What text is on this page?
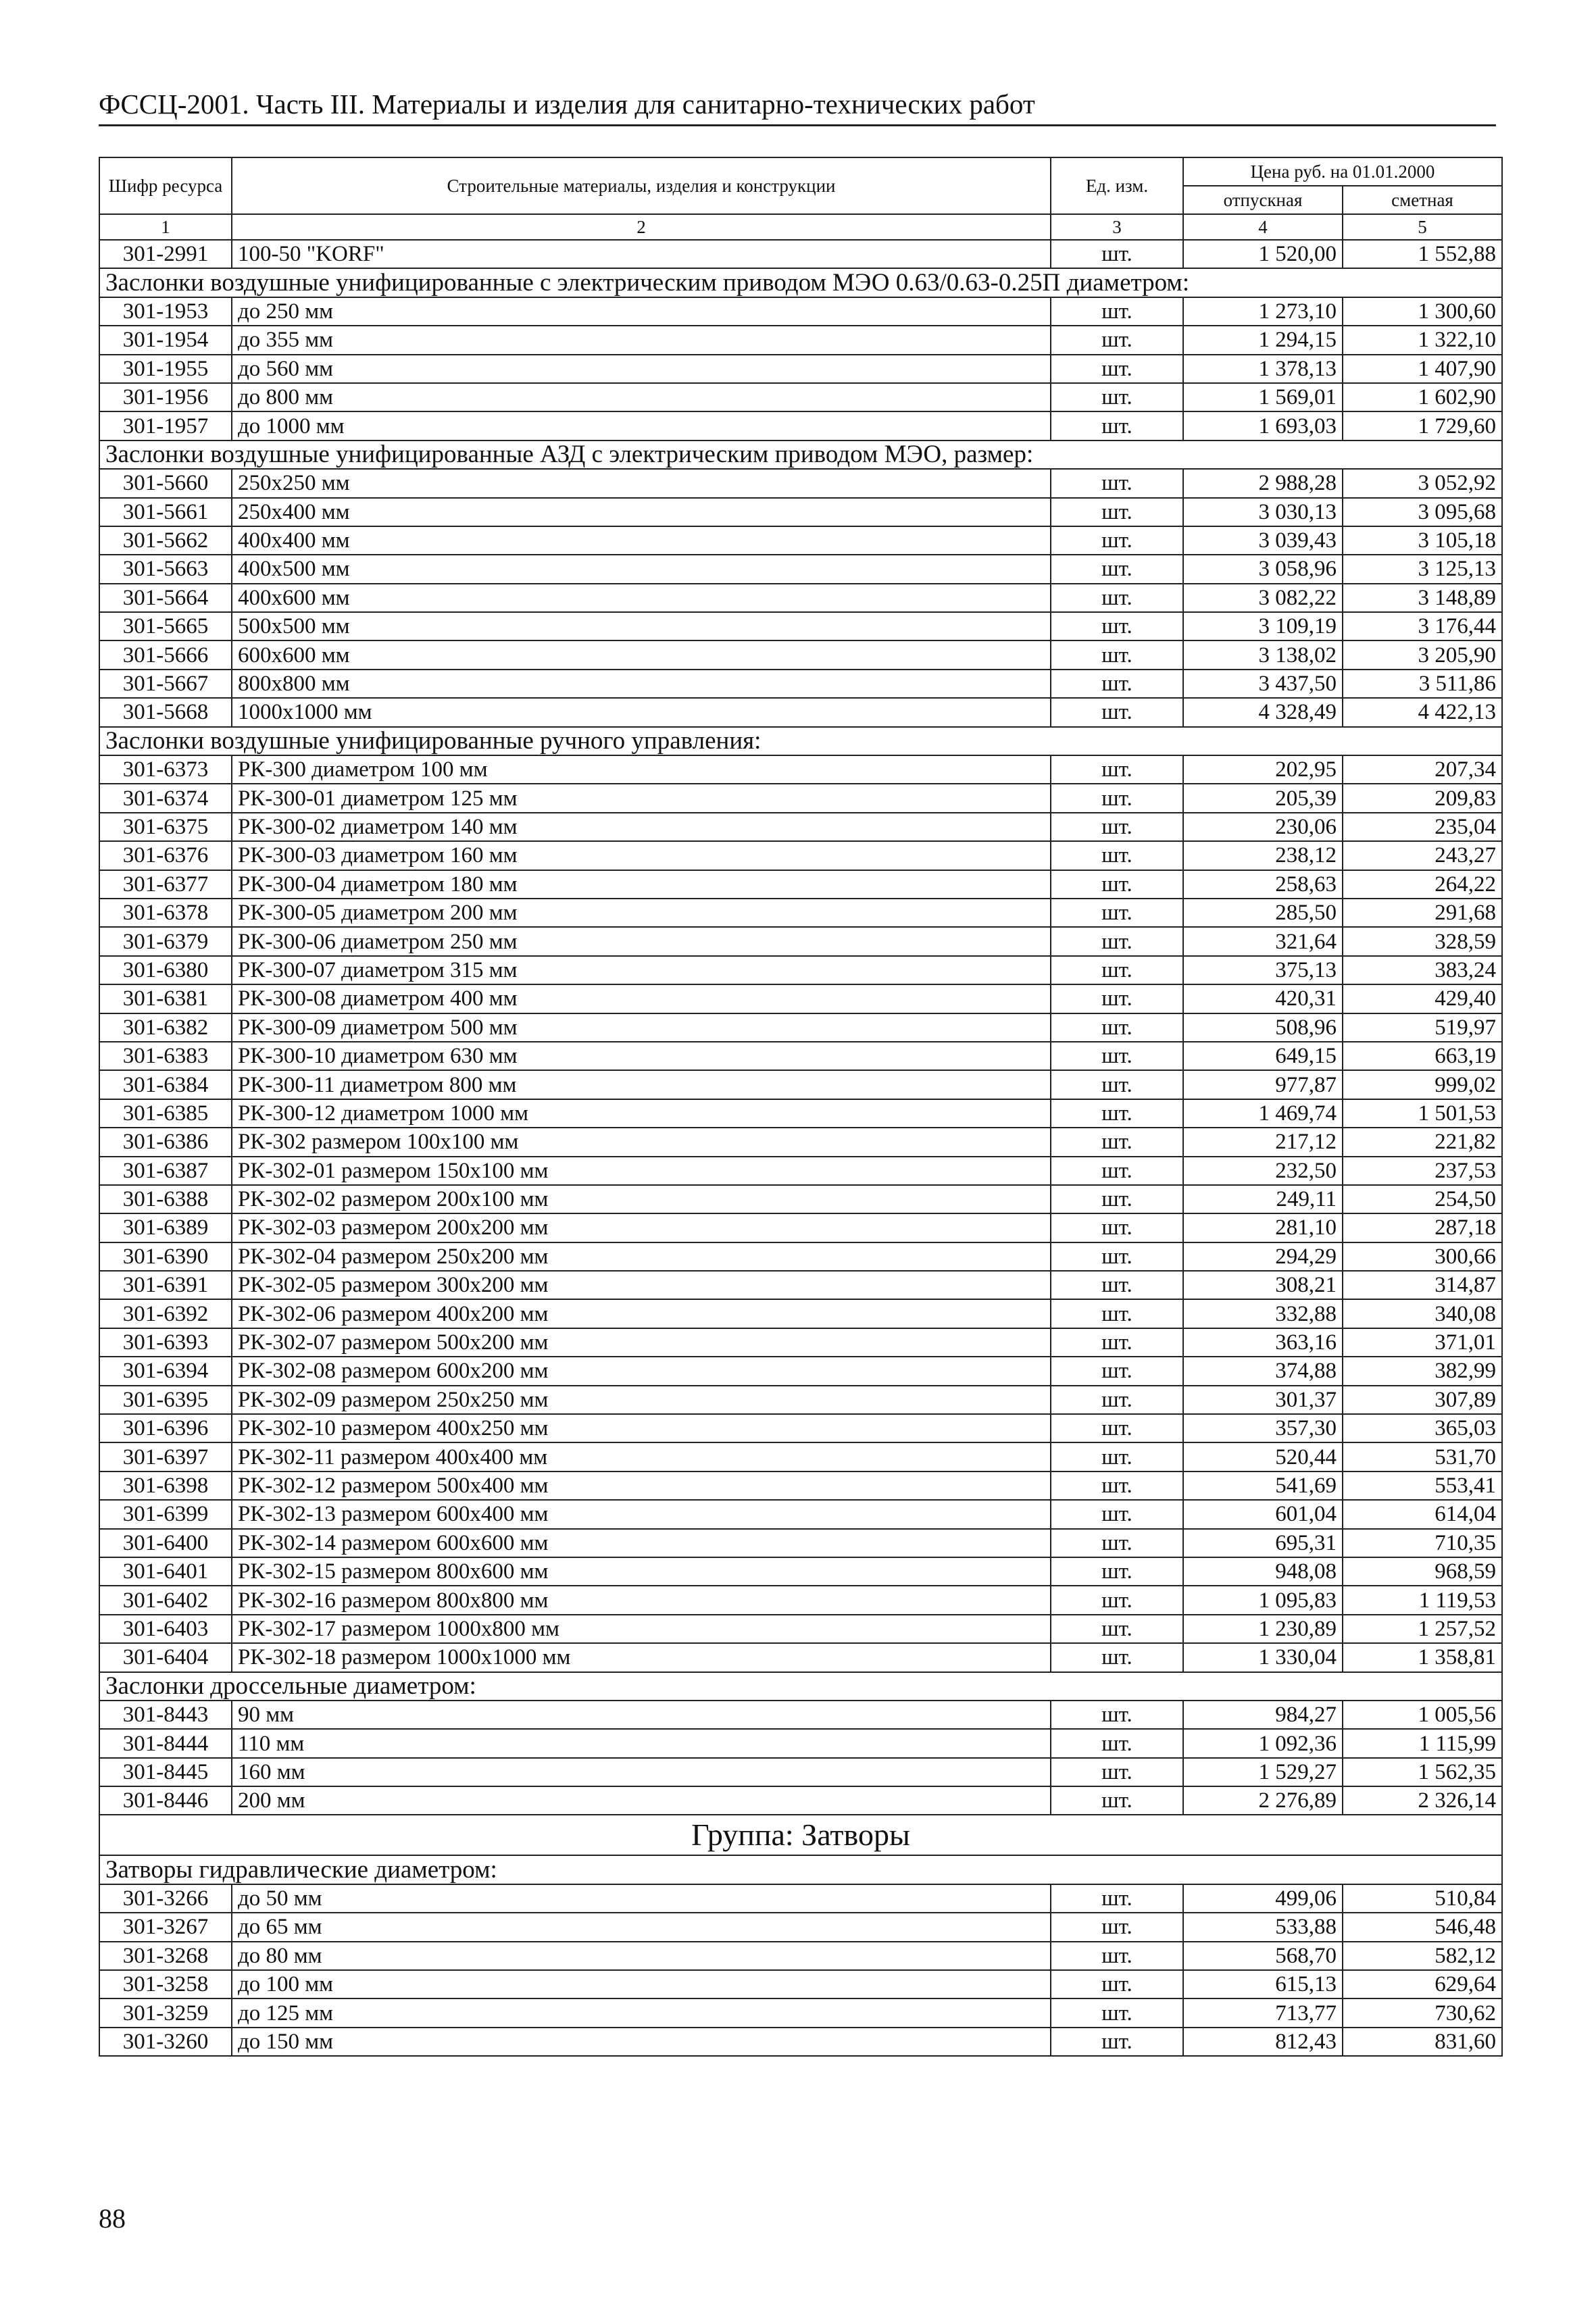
ФССЦ-2001. Часть III. Материалы и изделия для санитарно-технических работ
Шифр ресурса	Строительные материалы, изделия и конструкции	Ед. изм.	Цена руб. на 01.01.2000	
			отпускная	сметная
1	2	3	4	5
301-2991	100-50 "KORF"	шт.	1 520,00	1 552,88
Заслонки воздушные унифицированные с электрическим приводом МЭО 0.63/0.63-0.25П диаметром:				
301-1953	до 250 мм	шт.	1 273,10	1 300,60
301-1954	до 355 мм	шт.	1 294,15	1 322,10
301-1955	до 560 мм	шт.	1 378,13	1 407,90
301-1956	до 800 мм	шт.	1 569,01	1 602,90
301-1957	до 1000 мм	шт.	1 693,03	1 729,60
Заслонки воздушные унифицированные АЗД с электрическим приводом МЭО, размер:				
301-5660	250x250 мм	шт.	2 988,28	3 052,92
301-5661	250x400 мм	шт.	3 030,13	3 095,68
301-5662	400x400 мм	шт.	3 039,43	3 105,18
301-5663	400x500 мм	шт.	3 058,96	3 125,13
301-5664	400x600 мм	шт.	3 082,22	3 148,89
301-5665	500x500 мм	шт.	3 109,19	3 176,44
301-5666	600x600 мм	шт.	3 138,02	3 205,90
301-5667	800x800 мм	шт.	3 437,50	3 511,86
301-5668	1000x1000 мм	шт.	4 328,49	4 422,13
Заслонки воздушные унифицированные ручного управления:				
301-6373	РК-300 диаметром 100 мм	шт.	202,95	207,34
301-6374	РК-300-01 диаметром 125 мм	шт.	205,39	209,83
301-6375	РК-300-02 диаметром 140 мм	шт.	230,06	235,04
301-6376	РК-300-03 диаметром 160 мм	шт.	238,12	243,27
301-6377	РК-300-04 диаметром 180 мм	шт.	258,63	264,22
301-6378	РК-300-05 диаметром 200 мм	шт.	285,50	291,68
301-6379	РК-300-06 диаметром 250 мм	шт.	321,64	328,59
301-6380	РК-300-07 диаметром 315 мм	шт.	375,13	383,24
301-6381	РК-300-08 диаметром 400 мм	шт.	420,31	429,40
301-6382	РК-300-09 диаметром 500 мм	шт.	508,96	519,97
301-6383	РК-300-10 диаметром 630 мм	шт.	649,15	663,19
301-6384	РК-300-11 диаметром 800 мм	шт.	977,87	999,02
301-6385	РК-300-12 диаметром 1000 мм	шт.	1 469,74	1 501,53
301-6386	РК-302 размером 100x100 мм	шт.	217,12	221,82
301-6387	РК-302-01 размером 150x100 мм	шт.	232,50	237,53
301-6388	РК-302-02 размером 200x100 мм	шт.	249,11	254,50
301-6389	РК-302-03 размером 200x200 мм	шт.	281,10	287,18
301-6390	РК-302-04 размером 250x200 мм	шт.	294,29	300,66
301-6391	РК-302-05 размером 300x200 мм	шт.	308,21	314,87
301-6392	РК-302-06 размером 400x200 мм	шт.	332,88	340,08
301-6393	РК-302-07 размером 500x200 мм	шт.	363,16	371,01
301-6394	РК-302-08 размером 600x200 мм	шт.	374,88	382,99
301-6395	РК-302-09 размером 250x250 мм	шт.	301,37	307,89
301-6396	РК-302-10 размером 400x250 мм	шт.	357,30	365,03
301-6397	РК-302-11 размером 400x400 мм	шт.	520,44	531,70
301-6398	РК-302-12 размером 500x400 мм	шт.	541,69	553,41
301-6399	РК-302-13 размером 600x400 мм	шт.	601,04	614,04
301-6400	РК-302-14 размером 600x600 мм	шт.	695,31	710,35
301-6401	РК-302-15 размером 800x600 мм	шт.	948,08	968,59
301-6402	РК-302-16 размером 800x800 мм	шт.	1 095,83	1 119,53
301-6403	РК-302-17 размером 1000x800 мм	шт.	1 230,89	1 257,52
301-6404	РК-302-18 размером 1000x1000 мм	шт.	1 330,04	1 358,81
Заслонки дроссельные диаметром:				
301-8443	90 мм	шт.	984,27	1 005,56
301-8444	110 мм	шт.	1 092,36	1 115,99
301-8445	160 мм	шт.	1 529,27	1 562,35
301-8446	200 мм	шт.	2 276,89	2 326,14
Группа: Затворы				
Затворы гидравлические диаметром:				
301-3266	до 50 мм	шт.	499,06	510,84
301-3267	до 65 мм	шт.	533,88	546,48
301-3268	до 80 мм	шт.	568,70	582,12
301-3258	до 100 мм	шт.	615,13	629,64
301-3259	до 125 мм	шт.	713,77	730,62
301-3260	до 150 мм	шт.	812,43	831,60
88
